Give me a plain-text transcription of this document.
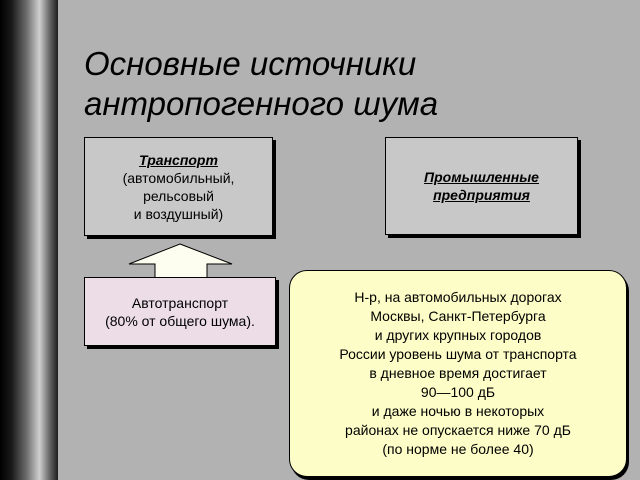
Основные источники
антропогенного шума
Транспорт
(автомобильный,
рельсовый
и воздушный)
Промышленные
предприятия
Автотранспорт
(80% от общего шума).
Н-р, на автомобильных дорогах
Москвы, Санкт-Петербурга
и других крупных городов
России уровень шума от транспорта
в дневное время достигает
90—100 дБ
и даже ночью в некоторых
районах не опускается ниже 70 дБ
(по норме не более 40)
